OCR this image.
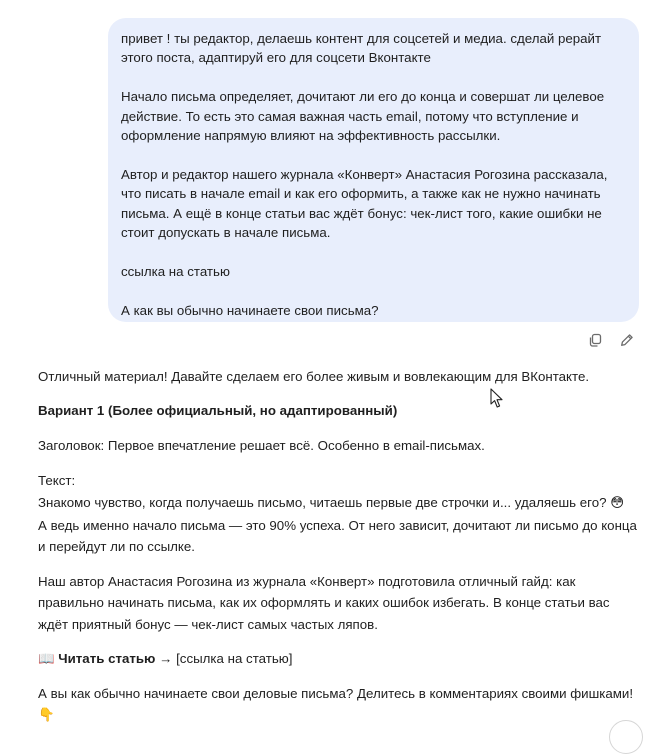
привет ! ты редактор, делаешь контент для соцсетей и медиа. сделай рерайт этого поста, адаптируй его для соцсети Вконтакте

Начало письма определяет, дочитают ли его до конца и совершат ли целевое действие. То есть это самая важная часть email, потому что вступление и оформление напрямую влияют на эффективность рассылки.

Автор и редактор нашего журнала «Конверт» Анастасия Рогозина рассказала, что писать в начале email и как его оформить, а также как не нужно начинать письма. А ещё в конце статьи вас ждёт бонус: чек-лист того, какие ошибки не стоит допускать в начале письма.

ссылка на статью

А как вы обычно начинаете свои письма?

Отличный материал! Давайте сделаем его более живым и вовлекающим для ВКонтакте.

Вариант 1 (Более официальный, но адаптированный)

Заголовок: Первое впечатление решает всё. Особенно в email-письмах.

Текст:

Знакомо чувство, когда получаешь письмо, читаешь первые две строчки и... удаляешь его? 😳

А ведь именно начало письма — это 90% успеха. От него зависит, дочитают ли письмо до конца и перейдут ли по ссылке.

Наш автор Анастасия Рогозина из журнала «Конверт» подготовила отличный гайд: как правильно начинать письма, как их оформлять и каких ошибок избегать. В конце статьи вас ждёт приятный бонус — чек-лист самых частых ляпов.

📖 Читать статью → [ссылка на статью]

А вы как обычно начинаете свои деловые письма? Делитесь в комментариях своими фишками! 👇
